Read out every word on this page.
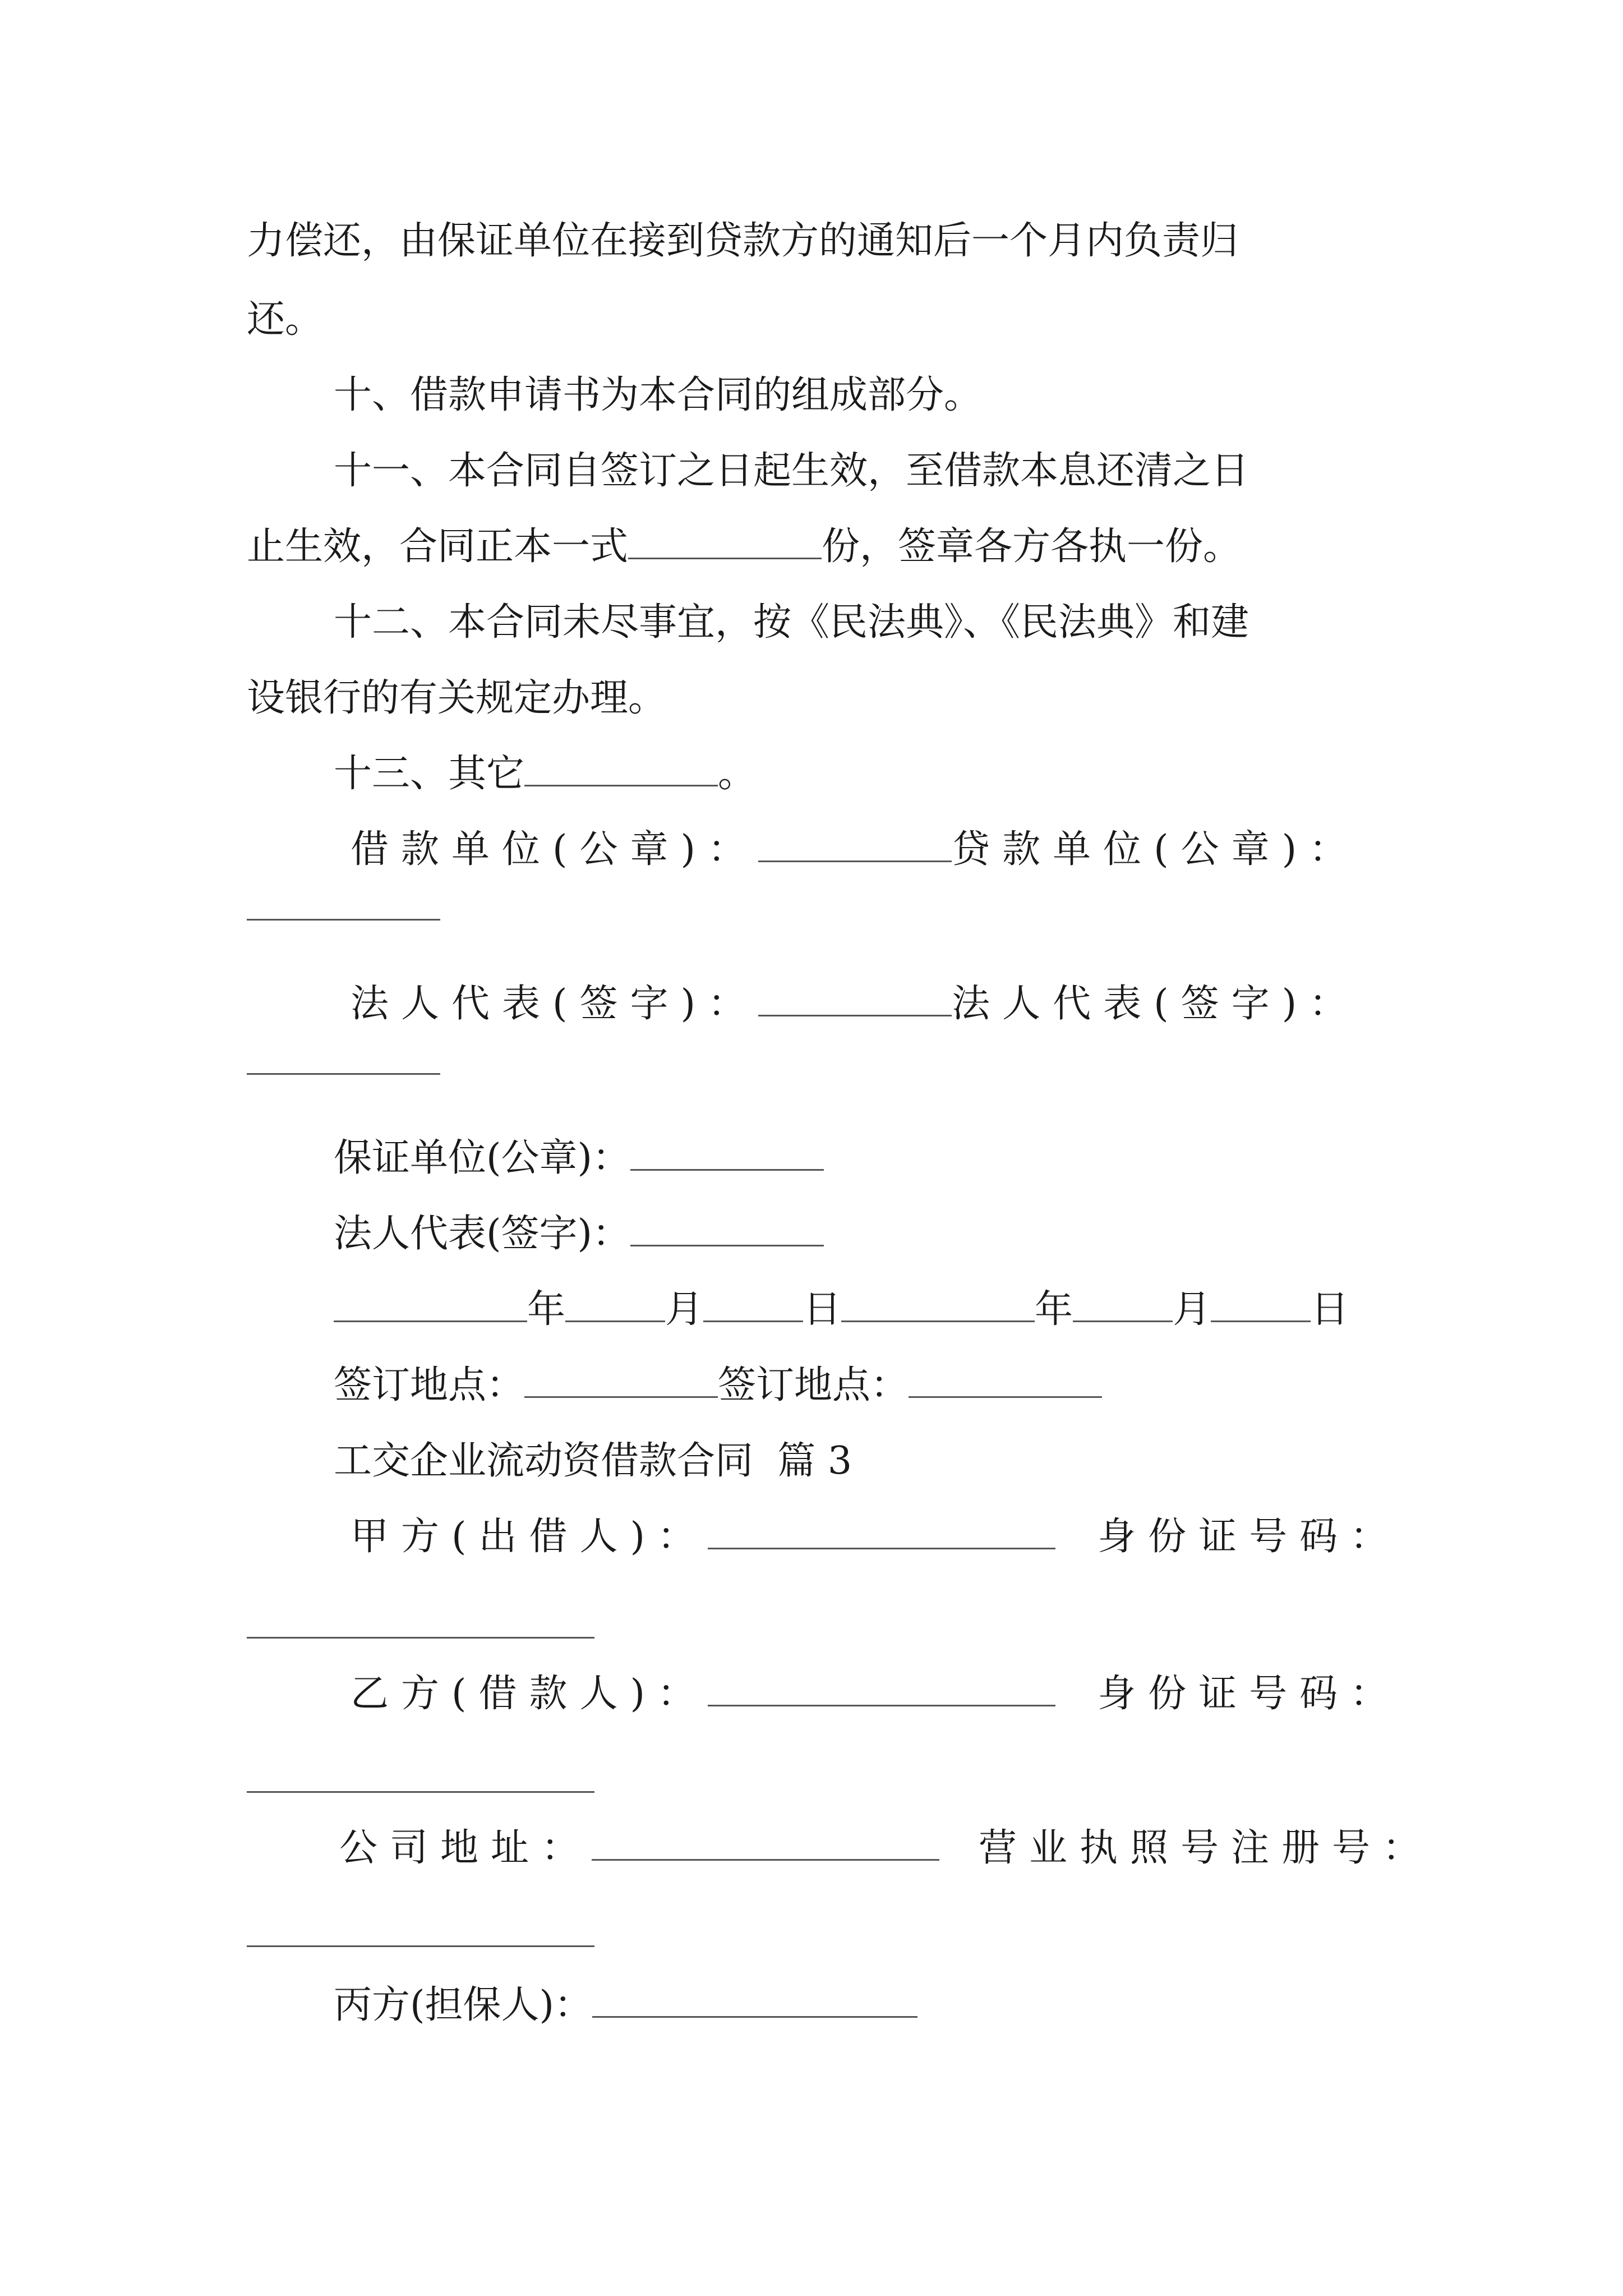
力偿还，由保证单位在接到贷款方的通知后一个月内负责归
还。
十、借款申请书为本合同的组成部分。
十一、本合同自签订之日起生效，至借款本息还清之日
止生效，合同正本一式	份，签章各方各执一份。
十二、本合同未尽事宜，按《民法典》、《民法典》和建
设银行的有关规定办理。
十三、其它	。
借款单位(公章)：	贷款单位(公章)：
法人代表(签字)：	法人代表(签字)：
保证单位(公章)：
法人代表(签字)：
年	月	日	年	月	日
签订地点：	签订地点：
工交企业流动资借款合同  篇 3
甲方(出借人)：	身份证号码：
乙方(借款人)：	身份证号码：
公司地址：	营业执照号注册号：
丙方(担保人)：
